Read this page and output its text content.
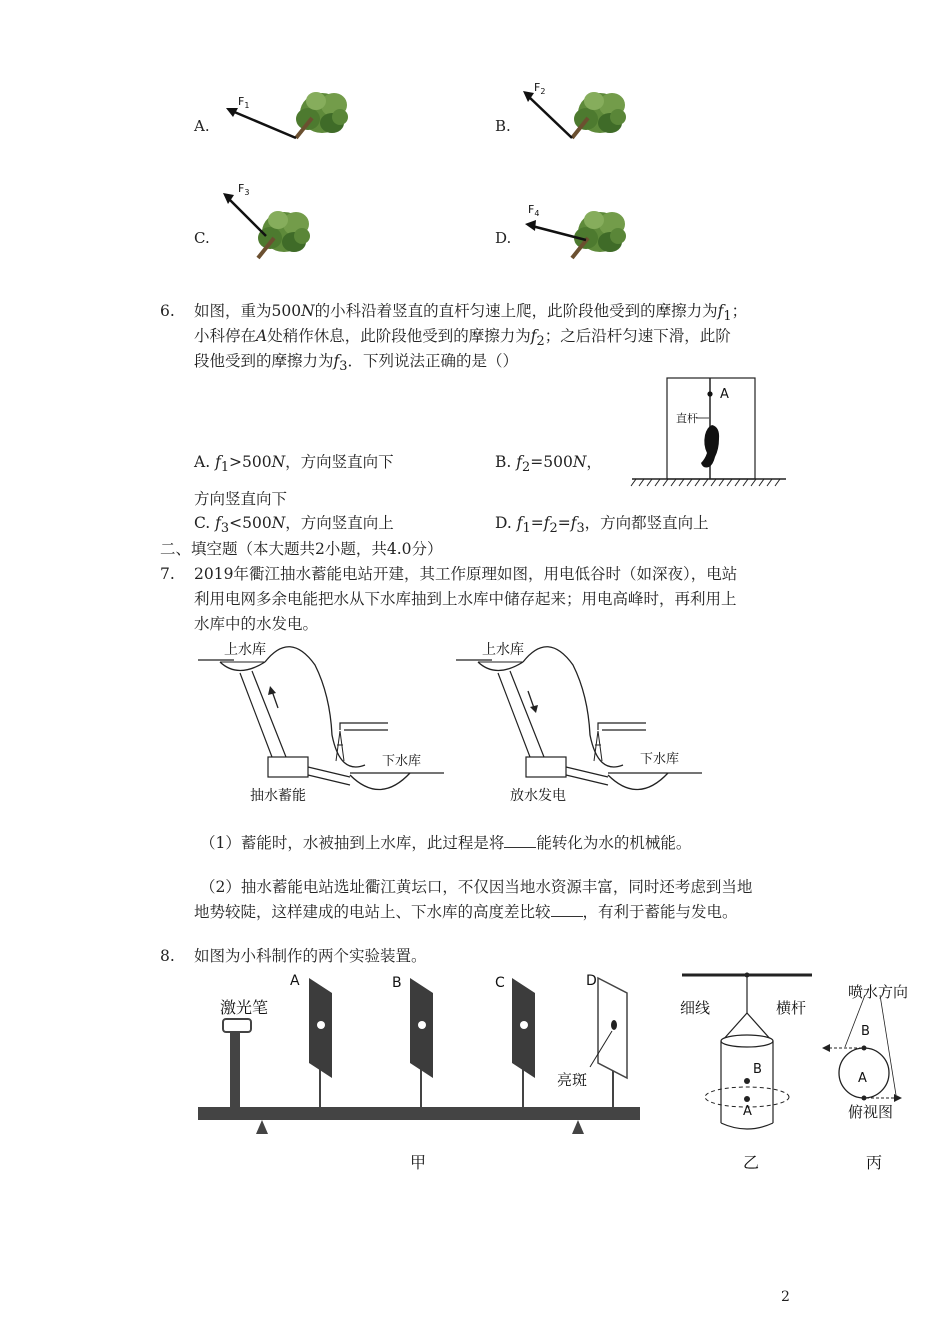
A.	B.
C.	D.
$F_1$
$F_2$
$F_3$
$F_4$
6. 如图，重为500N的小科沿着竖直的直杆匀速上爬，此阶段他受到的摩擦力为$f_1$；
小科停在A处稍作休息，此阶段他受到的摩擦力为$f_2$；之后沿杆匀速下滑，此阶
段他受到的摩擦力为$f_3$．下列说法正确的是（）
A
直杆
A. $f_1>500N$，方向竖直向下	B. $f_2=500N$，
方向竖直向下
C. $f_3<500N$，方向竖直向上	D. $f_1=f_2=f_3$，方向都竖直向上
二、填空题（本大题共2小题，共4.0分）
7. 2019年衢江抽水蓄能电站开建，其工作原理如图，用电低谷时（如深夜），电站
利用电网多余电能把水从下水库抽到上水库中储存起来；用电高峰时，再利用上
水库中的水发电。
上水库
下水库
抽水蓄能
上水库
下水库
放水发电
（1）蓄能时，水被抽到上水库，此过程是将 能转化为水的机械能。
（2）抽水蓄能电站选址衢江黄坛口，不仅因当地水资源丰富，同时还考虑到当地
地势较陡，这样建成的电站上、下水库的高度差比较 ，有利于蓄能与发电。
8. 如图为小科制作的两个实验装置。
激光笔
A	B	C	D
亮斑
甲
细线	横杆
B
A
乙
喷水方向
B
A
俯视图
丙
2
